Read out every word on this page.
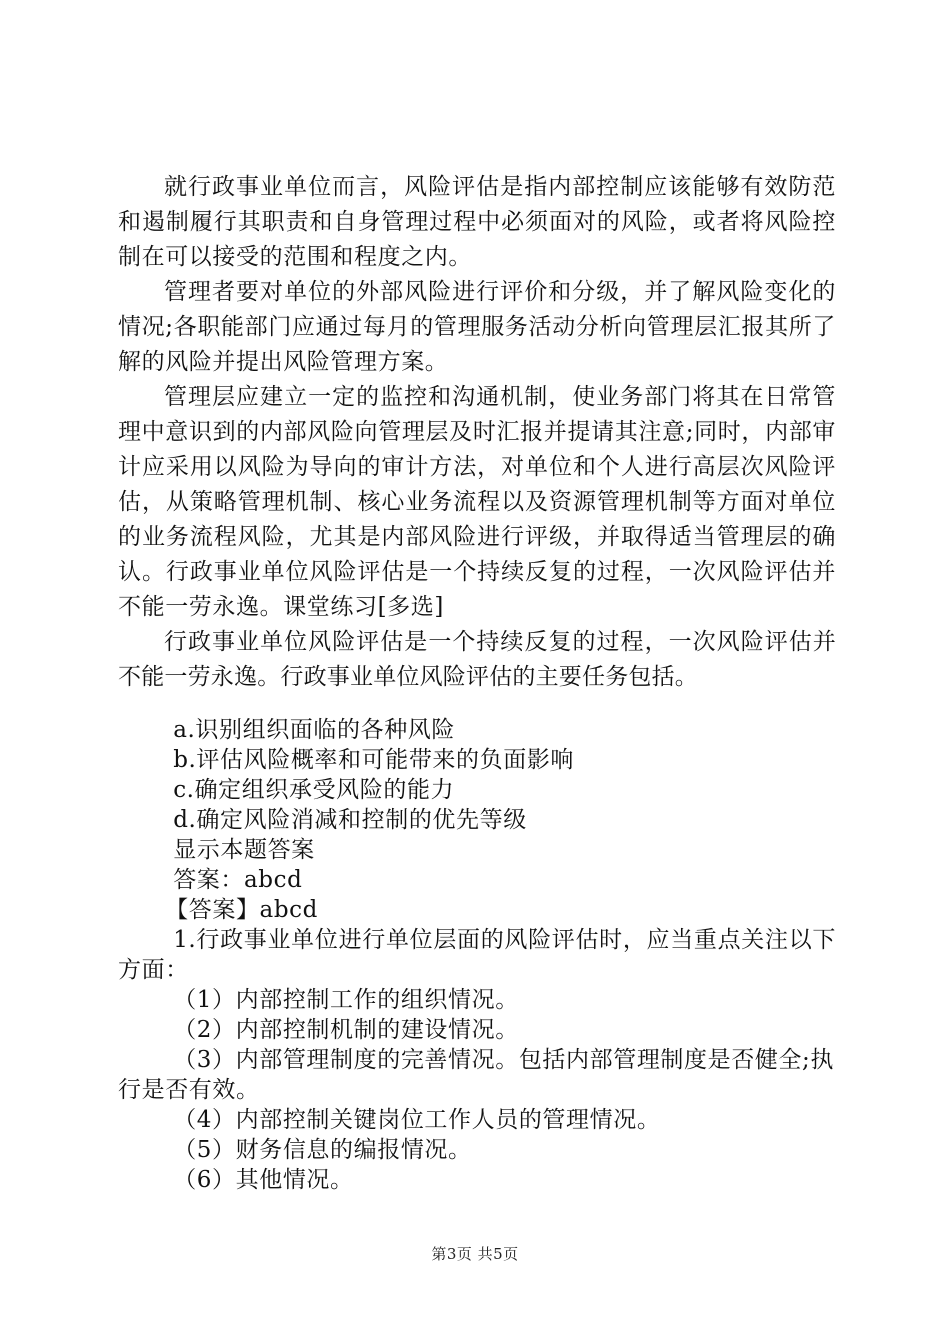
就行政事业单位而言，风险评估是指内部控制应该能够有效防范和遏制履行其职责和自身管理过程中必须面对的风险，或者将风险控制在可以接受的范围和程度之内。

管理者要对单位的外部风险进行评价和分级，并了解风险变化的情况;各职能部门应通过每月的管理服务活动分析向管理层汇报其所了解的风险并提出风险管理方案。

管理层应建立一定的监控和沟通机制，使业务部门将其在日常管理中意识到的内部风险向管理层及时汇报并提请其注意;同时，内部审计应采用以风险为导向的审计方法，对单位和个人进行高层次风险评估，从策略管理机制、核心业务流程以及资源管理机制等方面对单位的业务流程风险，尤其是内部风险进行评级，并取得适当管理层的确认。行政事业单位风险评估是一个持续反复的过程，一次风险评估并不能一劳永逸。课堂练习[多选]

行政事业单位风险评估是一个持续反复的过程，一次风险评估并不能一劳永逸。行政事业单位风险评估的主要任务包括。

a.识别组织面临的各种风险

b.评估风险概率和可能带来的负面影响

c.确定组织承受风险的能力

d.确定风险消减和控制的优先等级

显示本题答案

答案：abcd

【答案】abcd

1.行政事业单位进行单位层面的风险评估时，应当重点关注以下方面：

（1）内部控制工作的组织情况。

（2）内部控制机制的建设情况。

（3）内部管理制度的完善情况。包括内部管理制度是否健全;执行是否有效。

（4）内部控制关键岗位工作人员的管理情况。

（5）财务信息的编报情况。

（6）其他情况。

第3页 共5页
